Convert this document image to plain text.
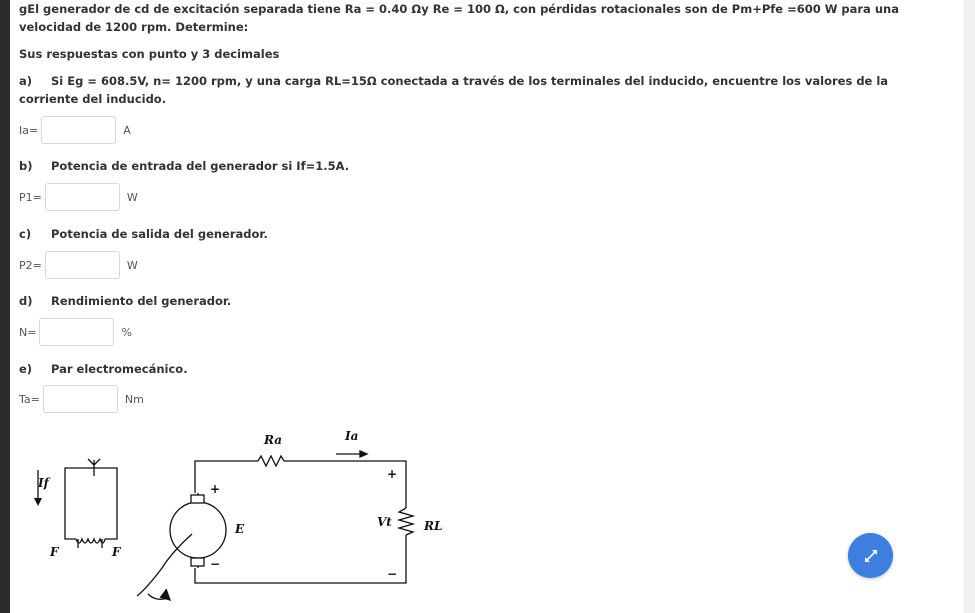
gEl generador de cd de excitación separada tiene Ra = 0.40 Ωy Re = 100 Ω, con pérdidas rotacionales son de Pm+Pfe =600 W para una velocidad de 1200 rpm. Determine:

Sus respuestas con punto y 3 decimales

a) Si Eg = 608.5V, n= 1200 rpm, y una carga RL=15Ω conectada a través de los terminales del inducido, encuentre los valores de la corriente del inducido.

Ia=	A

b)	Potencia de entrada del generador si If=1.5A.

P1=	W

c)	Potencia de salida del generador.

P2=	W

d)	Rendimiento del generador.

N=	%

e)	Par electromecánico.

Ta=	Nm
If
F	F
Ra	Ia
E	Vt	RL
+
+
−
−
